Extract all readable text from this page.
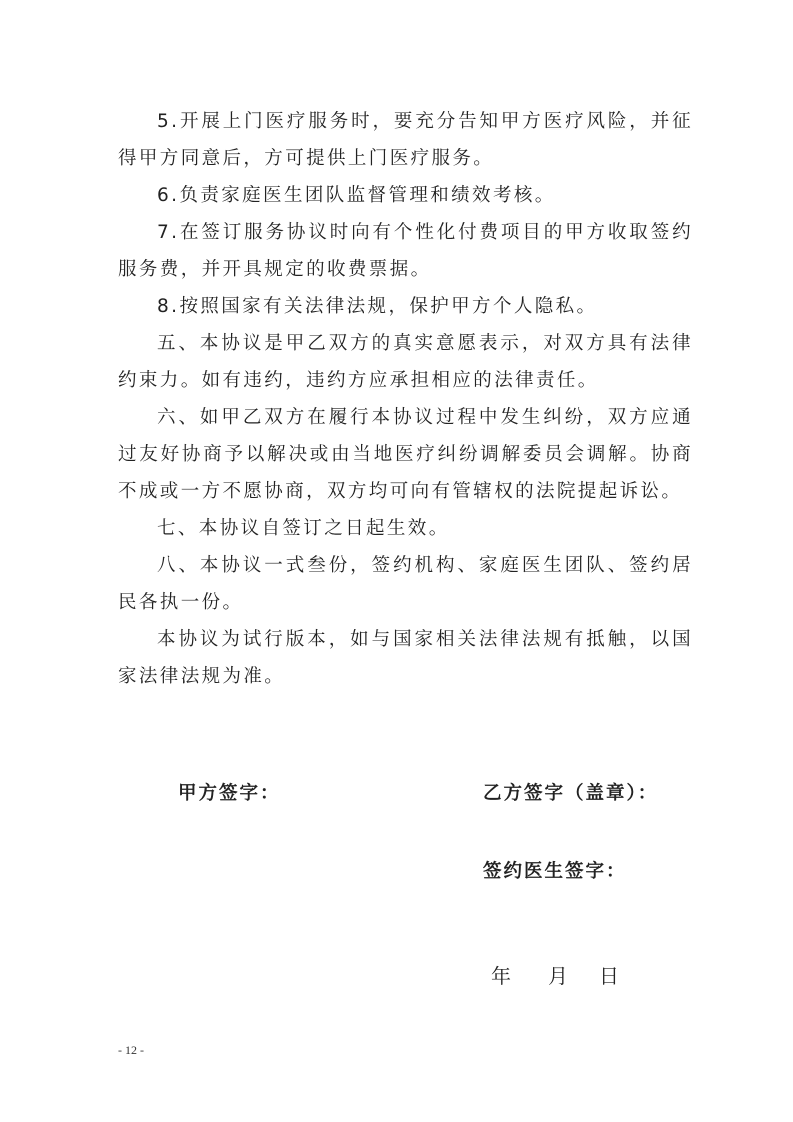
5.开展上门医疗服务时，要充分告知甲方医疗风险，并征得甲方同意后，方可提供上门医疗服务。

6.负责家庭医生团队监督管理和绩效考核。

7.在签订服务协议时向有个性化付费项目的甲方收取签约服务费，并开具规定的收费票据。

8.按照国家有关法律法规，保护甲方个人隐私。

五、本协议是甲乙双方的真实意愿表示，对双方具有法律约束力。如有违约，违约方应承担相应的法律责任。

六、如甲乙双方在履行本协议过程中发生纠纷，双方应通过友好协商予以解决或由当地医疗纠纷调解委员会调解。协商不成或一方不愿协商，双方均可向有管辖权的法院提起诉讼。

七、本协议自签订之日起生效。

八、本协议一式叁份，签约机构、家庭医生团队、签约居民各执一份。

本协议为试行版本，如与国家相关法律法规有抵触，以国家法律法规为准。

甲方签字：	乙方签字（盖章）：
签约医生签字：
年 月 日
- 12 -
